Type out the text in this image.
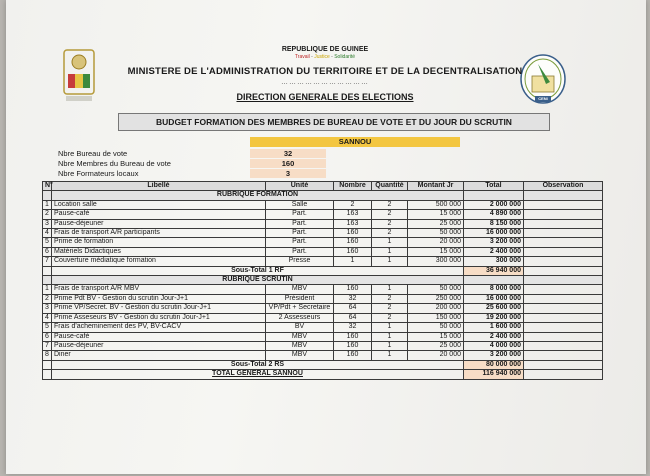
CENI
REPUBLIQUE DE GUINEE
Travail - Justice - Solidarité
MINISTERE DE L'ADMINISTRATION DU TERRITOIRE ET DE LA DECENTRALISATION
……………………………
DIRECTION GENERALE DES ELECTIONS
BUDGET FORMATION DES MEMBRES DE BUREAU DE VOTE ET DU JOUR DU SCRUTIN
SANNOU
Nbre Bureau de vote	32
Nbre Membres du Bureau de vote	160
Nbre Formateurs locaux	3
N°	Libellé	Unité	Nombre	Quantité	Montant Jr	Total	Observation
	RUBRIQUE FORMATION						
1	Location salle	Salle	2	2	500 000	2 000 000	
2	Pause-café	Part.	163	2	15 000	4 890 000	
3	Pause-déjeuner	Part.	163	2	25 000	8 150 000	
4	Frais de transport A/R participants	Part.	160	2	50 000	16 000 000	
5	Prime de formation	Part.	160	1	20 000	3 200 000	
6	Matériels Didactiques	Part.	160	1	15 000	2 400 000	
7	Couverture médiatique formation	Presse	1	1	300 000	300 000	
	Sous-Total 1 RF					36 940 000	
	RUBRIQUE SCRUTIN						
1	Frais de transport A/R MBV	MBV	160	1	50 000	8 000 000	
2	Prime Pdt BV - Gestion du scrutin Jour-J+1	Président	32	2	250 000	16 000 000	
3	Prime VP/Secret. BV - Gestion du scrutin Jour-J+1	VP/Pdt + Secretaire	64	2	200 000	25 600 000	
4	Prime Asseseurs BV - Gestion du scrutin Jour-J+1	2 Assesseurs	64	2	150 000	19 200 000	
5	Frais d'acheminement des PV, BV-CACV	BV	32	1	50 000	1 600 000	
6	Pause-café	MBV	160	1	15 000	2 400 000	
7	Pause-déjeuner	MBV	160	1	25 000	4 000 000	
8	Diner	MBV	160	1	20 000	3 200 000	
	Sous-Total 2 RS					80 000 000	
	TOTAL GENERAL SANNOU					116 940 000	
